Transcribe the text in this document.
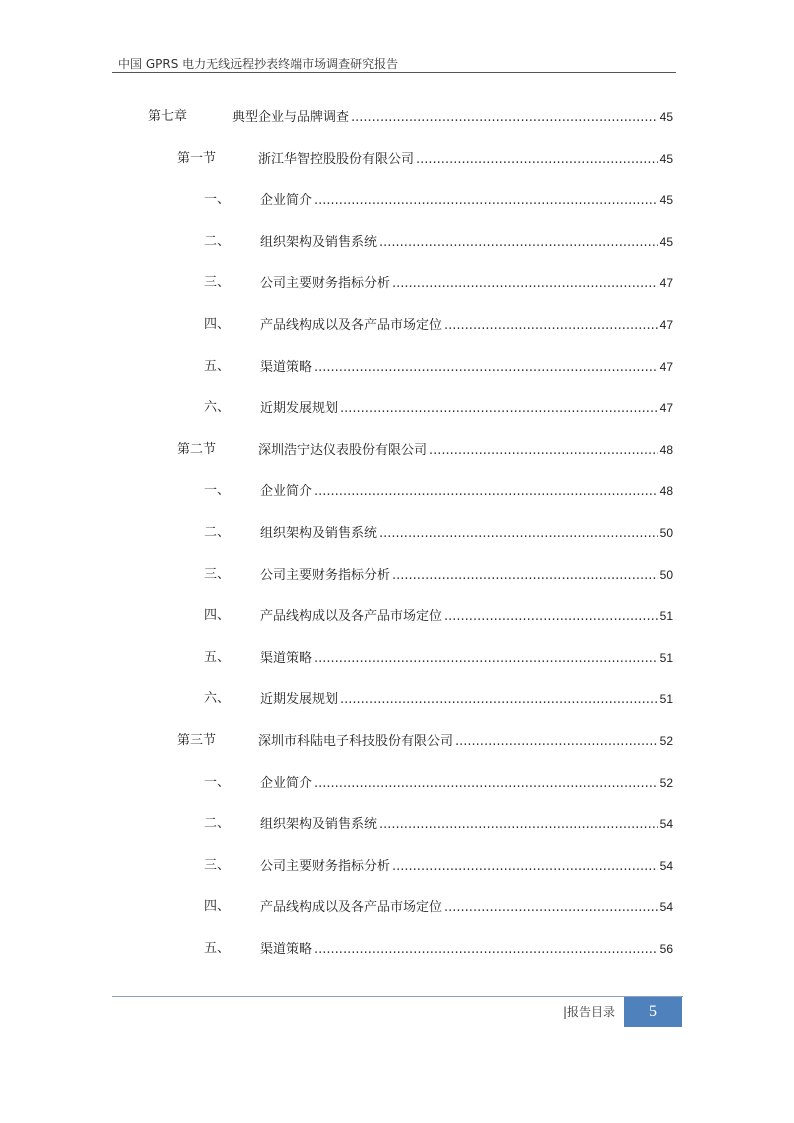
中国 GPRS 电力无线远程抄表终端市场调查研究报告
第七章	典型企业与品牌调查 .....	45
第一节	浙江华智控股股份有限公司 .....	45
一、 企业简介 .....	45
二、 组织架构及销售系统 .....	45
三、 公司主要财务指标分析 .....	47
四、 产品线构成以及各产品市场定位 .....	47
五、 渠道策略 .....	47
六、 近期发展规划 .....	47
第二节	深圳浩宁达仪表股份有限公司 .....	48
一、 企业简介 .....	48
二、 组织架构及销售系统 .....	50
三、 公司主要财务指标分析 .....	50
四、 产品线构成以及各产品市场定位 .....	51
五、 渠道策略 .....	51
六、 近期发展规划 .....	51
第三节	深圳市科陆电子科技股份有限公司 .....	52
一、 企业简介 .....	52
二、 组织架构及销售系统 .....	54
三、 公司主要财务指标分析 .....	54
四、 产品线构成以及各产品市场定位 .....	54
五、 渠道策略 .....	56
|报告目录	5
